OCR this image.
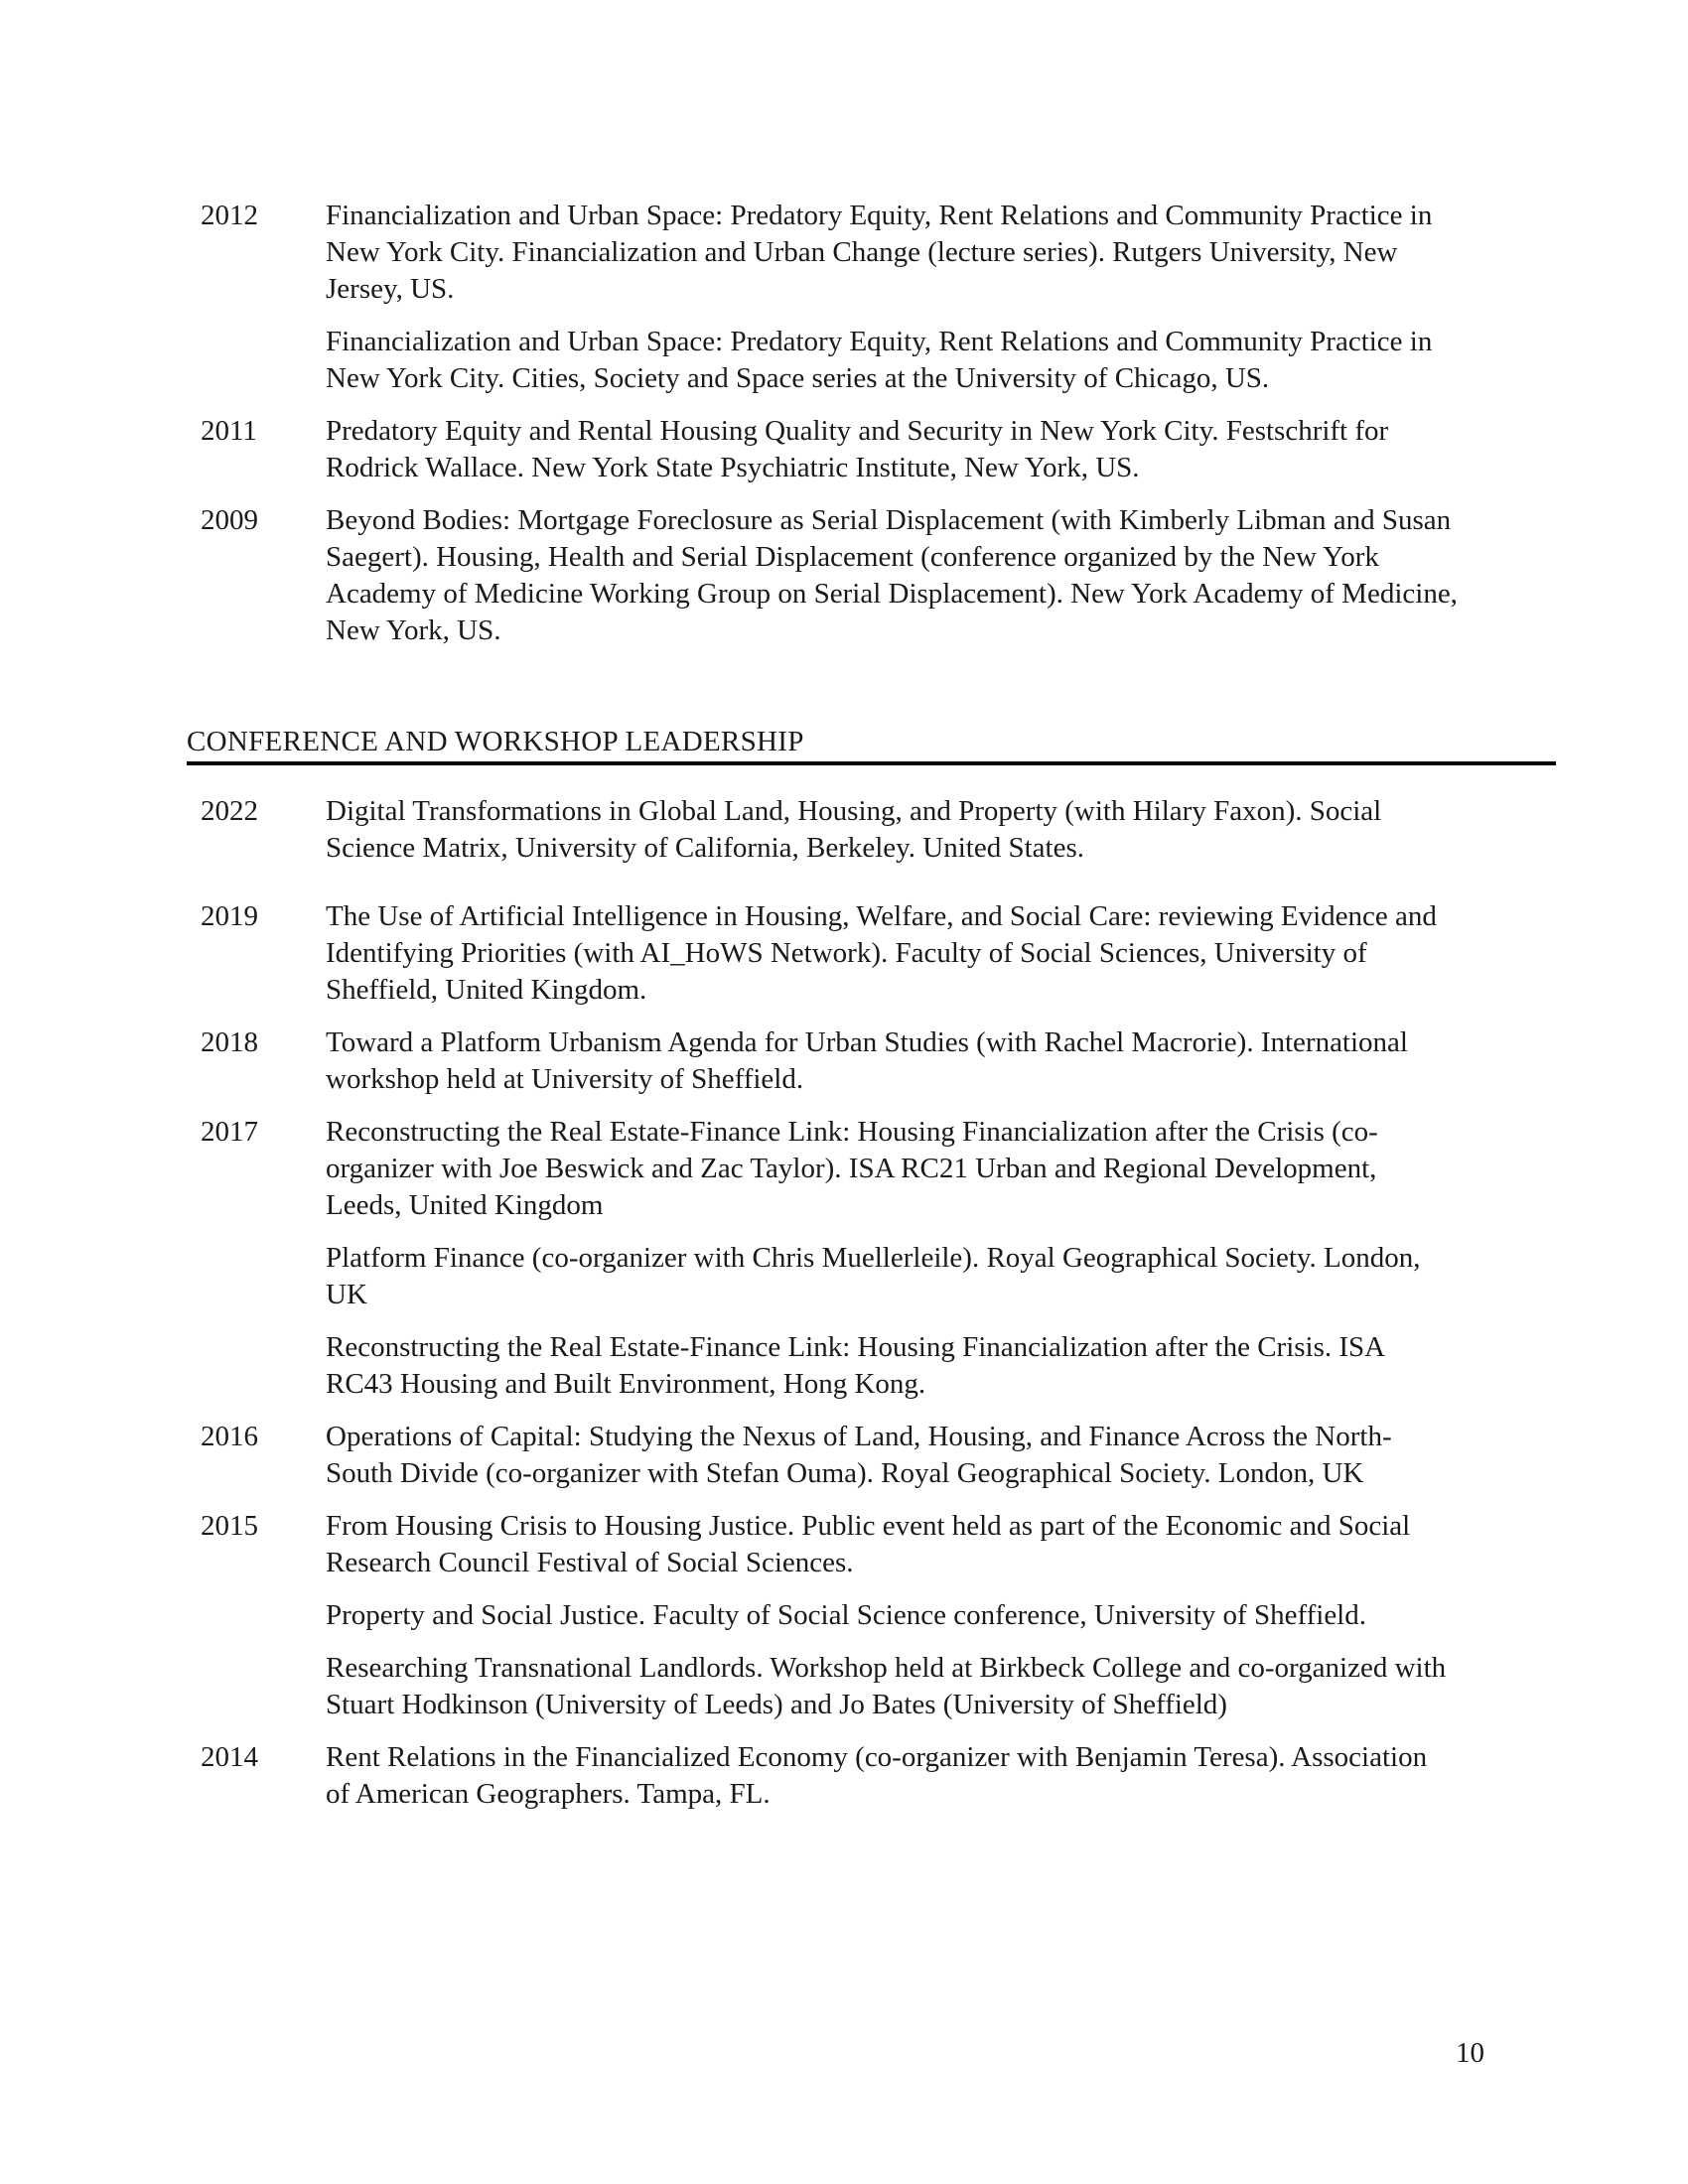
2012	Financialization and Urban Space: Predatory Equity, Rent Relations and Community Practice in New York City. Financialization and Urban Change (lecture series). Rutgers University, New Jersey, US.

Financialization and Urban Space: Predatory Equity, Rent Relations and Community Practice in New York City. Cities, Society and Space series at the University of Chicago, US.

2011	Predatory Equity and Rental Housing Quality and Security in New York City. Festschrift for Rodrick Wallace. New York State Psychiatric Institute, New York, US.

2009	Beyond Bodies: Mortgage Foreclosure as Serial Displacement (with Kimberly Libman and Susan Saegert). Housing, Health and Serial Displacement (conference organized by the New York Academy of Medicine Working Group on Serial Displacement). New York Academy of Medicine, New York, US.

CONFERENCE AND WORKSHOP LEADERSHIP
2022	Digital Transformations in Global Land, Housing, and Property (with Hilary Faxon). Social Science Matrix, University of California, Berkeley. United States.

2019	The Use of Artificial Intelligence in Housing, Welfare, and Social Care: reviewing Evidence and Identifying Priorities (with AI_HoWS Network). Faculty of Social Sciences, University of Sheffield, United Kingdom.

2018	Toward a Platform Urbanism Agenda for Urban Studies (with Rachel Macrorie). International workshop held at University of Sheffield.

2017	Reconstructing the Real Estate-Finance Link: Housing Financialization after the Crisis (co-organizer with Joe Beswick and Zac Taylor). ISA RC21 Urban and Regional Development, Leeds, United Kingdom

Platform Finance (co-organizer with Chris Muellerleile). Royal Geographical Society. London, UK

Reconstructing the Real Estate-Finance Link: Housing Financialization after the Crisis. ISA RC43 Housing and Built Environment, Hong Kong.

2016	Operations of Capital: Studying the Nexus of Land, Housing, and Finance Across the North-South Divide (co-organizer with Stefan Ouma). Royal Geographical Society. London, UK

2015	From Housing Crisis to Housing Justice. Public event held as part of the Economic and Social Research Council Festival of Social Sciences.

Property and Social Justice. Faculty of Social Science conference, University of Sheffield.

Researching Transnational Landlords. Workshop held at Birkbeck College and co-organized with Stuart Hodkinson (University of Leeds) and Jo Bates (University of Sheffield)

2014	Rent Relations in the Financialized Economy (co-organizer with Benjamin Teresa). Association of American Geographers. Tampa, FL.

10
